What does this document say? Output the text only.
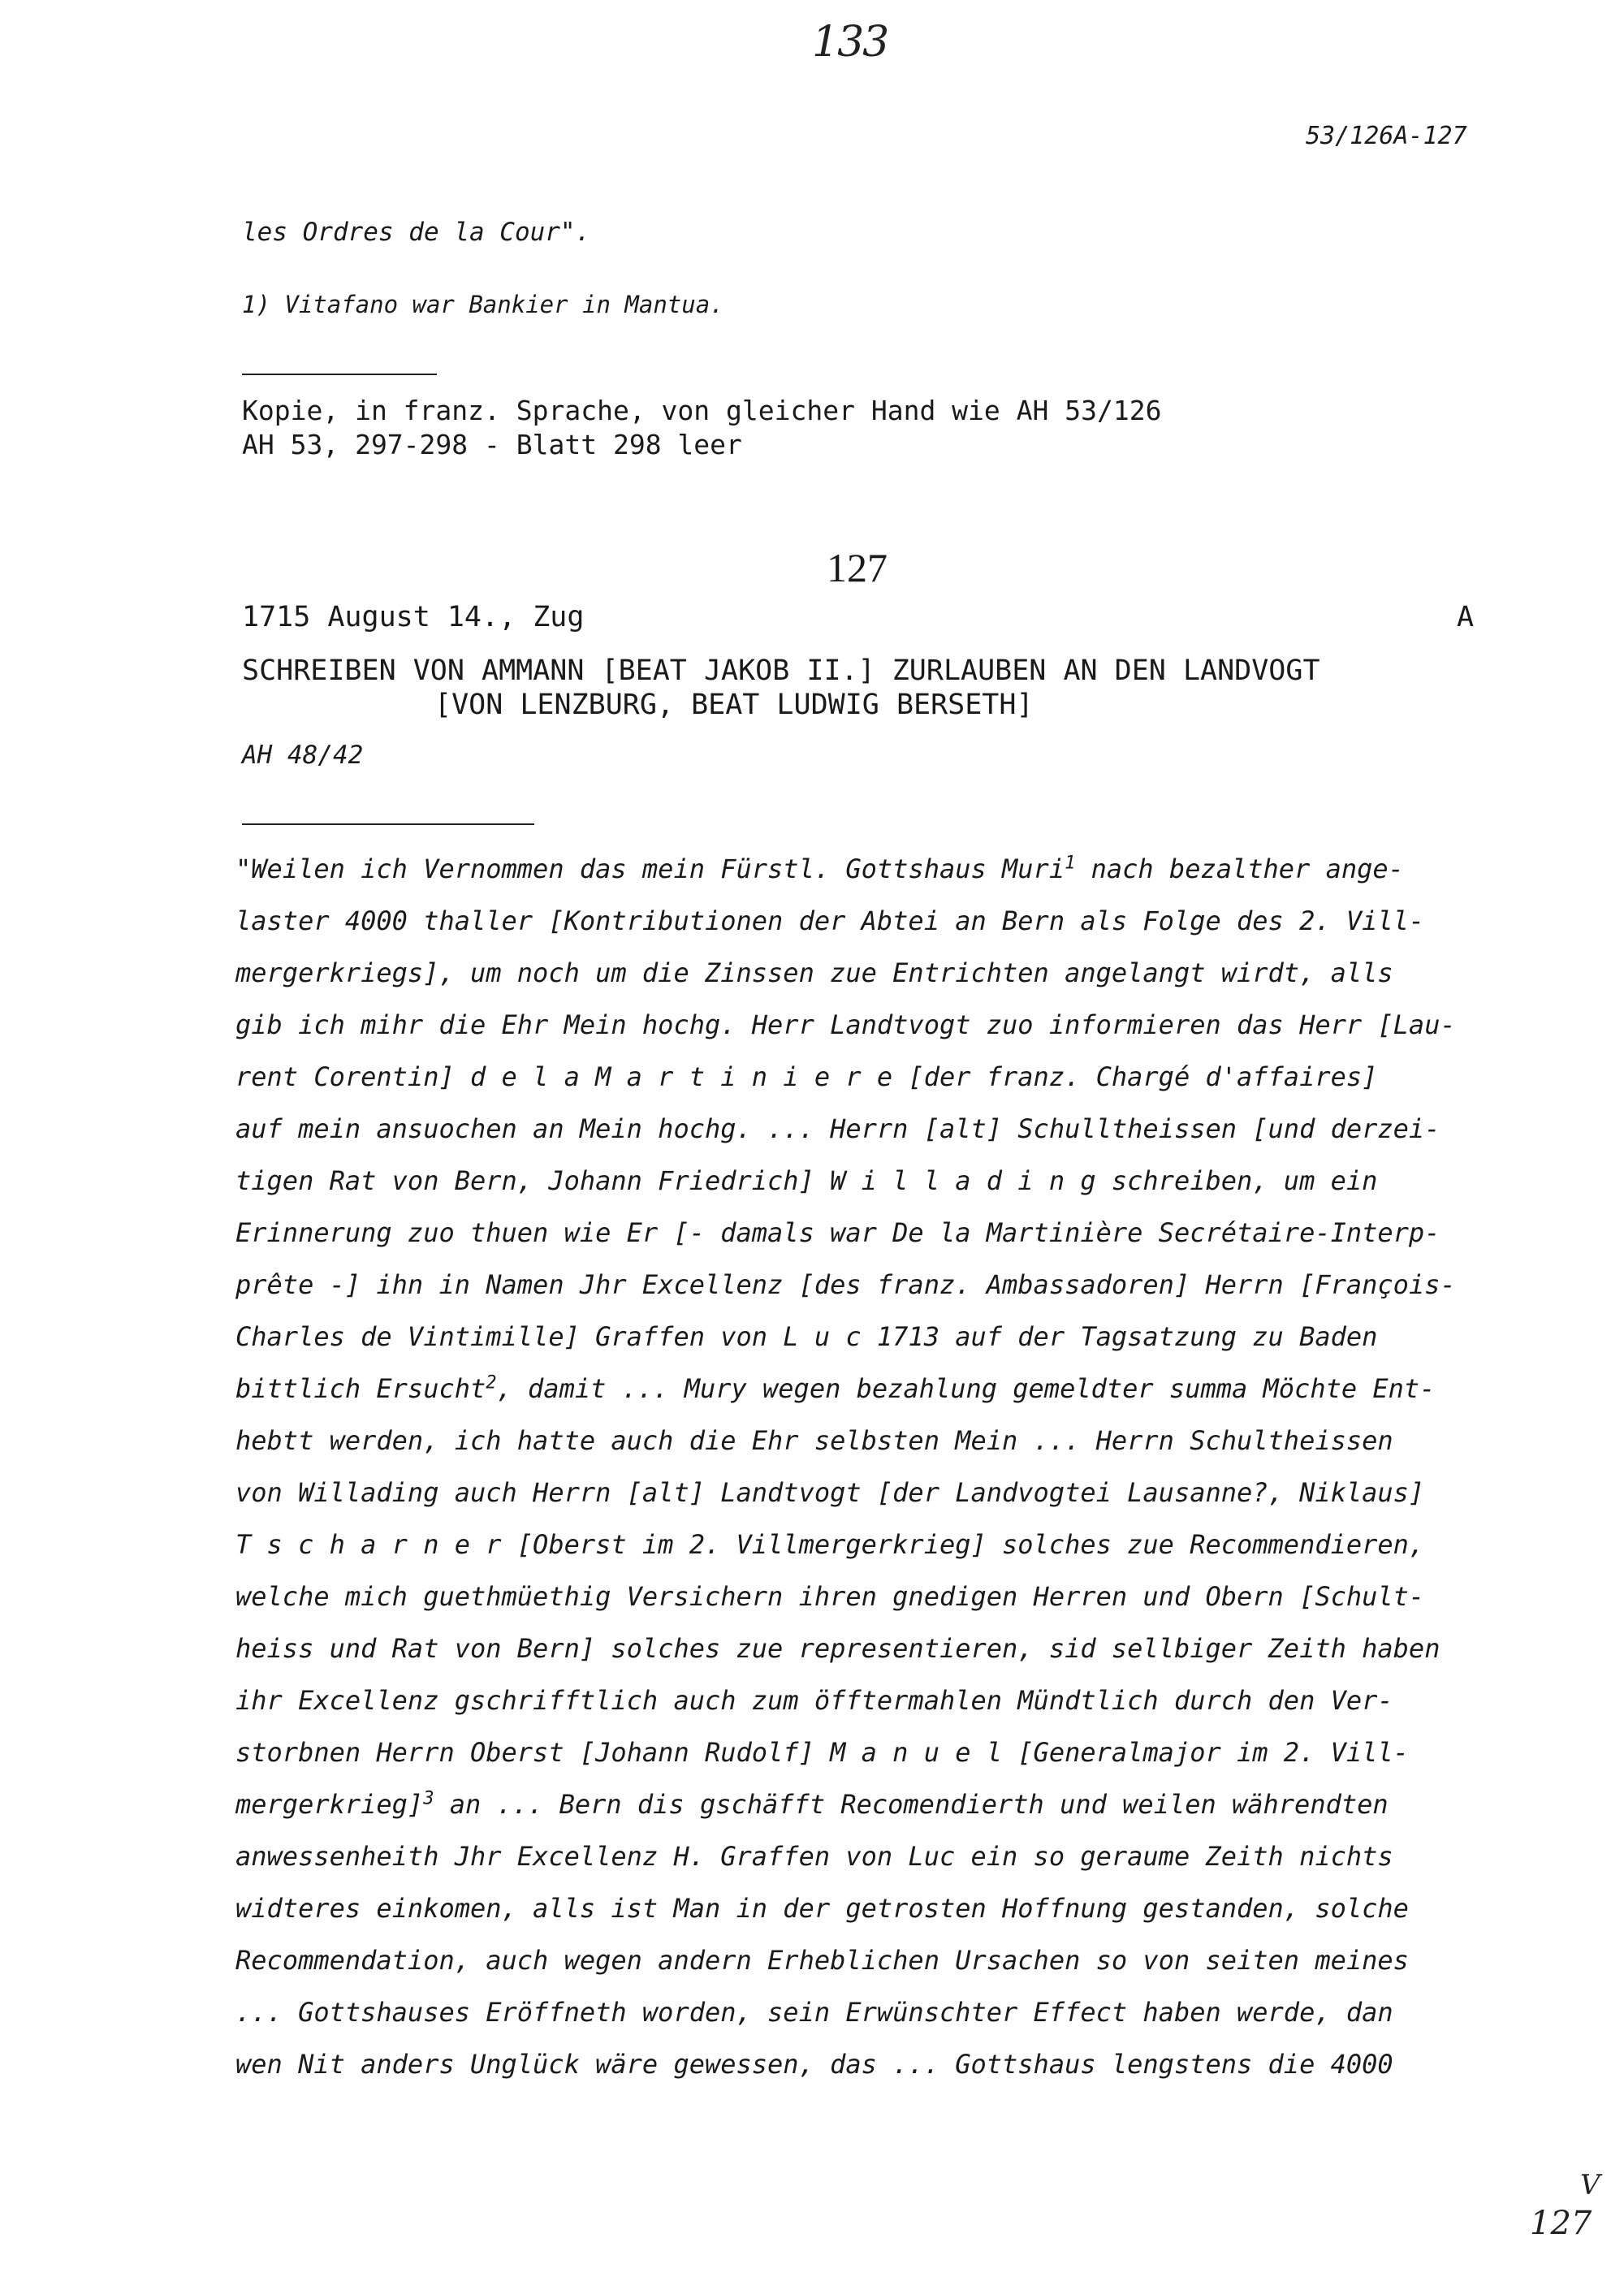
133
53/126A-127
les Ordres de la Cour".
1) Vitafano war Bankier in Mantua.
Kopie, in franz. Sprache, von gleicher Hand wie AH 53/126
AH 53, 297-298 - Blatt 298 leer
127
1715 August 14., Zug	A
SCHREIBEN VON AMMANN [BEAT JAKOB II.] ZURLAUBEN AN DEN LANDVOGT
[VON LENZBURG, BEAT LUDWIG BERSETH]
AH 48/42
"Weilen ich Vernommen das mein Fürstl. Gottshaus Muri$^1$ nach bezalther ange-
laster 4000 thaller [Kontributionen der Abtei an Bern als Folge des 2. Vill-
mergerkriegs], um noch um die Zinssen zue Entrichten angelangt wirdt, alls
gib ich mihr die Ehr Mein hochg. Herr Landtvogt zuo informieren das Herr [Lau-
rent Corentin] d e l a M a r t i n i e r e [der franz. Chargé d'affaires]
auf mein ansuochen an Mein hochg. ... Herrn [alt] Schulltheissen [und derzei-
tigen Rat von Bern, Johann Friedrich] W i l l a d i n g schreiben, um ein
Erinnerung zuo thuen wie Er [- damals war De la Martinière Secrétaire-Interp-
prête -] ihn in Namen Jhr Excellenz [des franz. Ambassadoren] Herrn [François-
Charles de Vintimille] Graffen von L u c 1713 auf der Tagsatzung zu Baden
bittlich Ersucht$^2$, damit ... Mury wegen bezahlung gemeldter summa Möchte Ent-
hebtt werden, ich hatte auch die Ehr selbsten Mein ... Herrn Schultheissen
von Willading auch Herrn [alt] Landtvogt [der Landvogtei Lausanne?, Niklaus]
T s c h a r n e r [Oberst im 2. Villmergerkrieg] solches zue Recommendieren,
welche mich guethmüethig Versichern ihren gnedigen Herren und Obern [Schult-
heiss und Rat von Bern] solches zue representieren, sid sellbiger Zeith haben
ihr Excellenz gschrifftlich auch zum öfftermahlen Mündtlich durch den Ver-
storbnen Herrn Oberst [Johann Rudolf] M a n u e l [Generalmajor im 2. Vill-
mergerkrieg]$^3$ an ... Bern dis gschäfft Recomendierth und weilen währendten
anwessenheith Jhr Excellenz H. Graffen von Luc ein so geraume Zeith nichts
widteres einkomen, alls ist Man in der getrosten Hoffnung gestanden, solche
Recommendation, auch wegen andern Erheblichen Ursachen so von seiten meines
... Gottshauses Eröffneth worden, sein Erwünschter Effect haben werde, dan
wen Nit anders Unglück wäre gewessen, das ... Gottshaus lengstens die 4000
127
V
